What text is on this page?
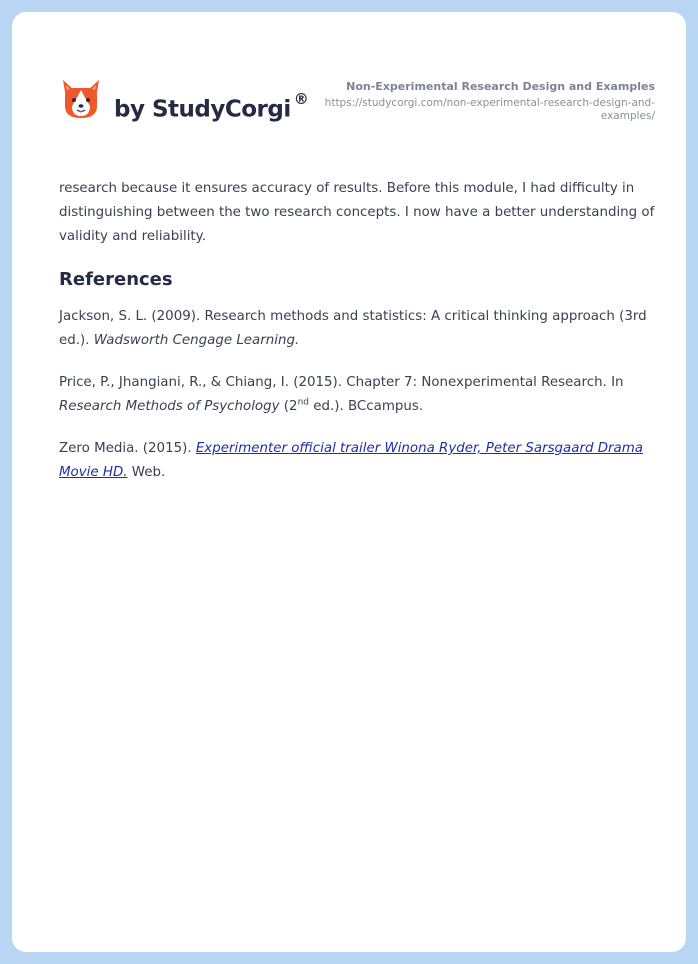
by StudyCorgi ®
Non-Experimental Research Design and Examples
https://studycorgi.com/non-experimental-research-design-and-examples/

research because it ensures accuracy of results. Before this module, I had difficulty in distinguishing between the two research concepts. I now have a better understanding of validity and reliability.

References

Jackson, S. L. (2009). Research methods and statistics: A critical thinking approach (3rd ed.). Wadsworth Cengage Learning.

Price, P., Jhangiani, R., & Chiang, I. (2015). Chapter 7: Nonexperimental Research. In Research Methods of Psychology (2nd ed.). BCcampus.

Zero Media. (2015). Experimenter official trailer Winona Ryder, Peter Sarsgaard Drama Movie HD. Web.
